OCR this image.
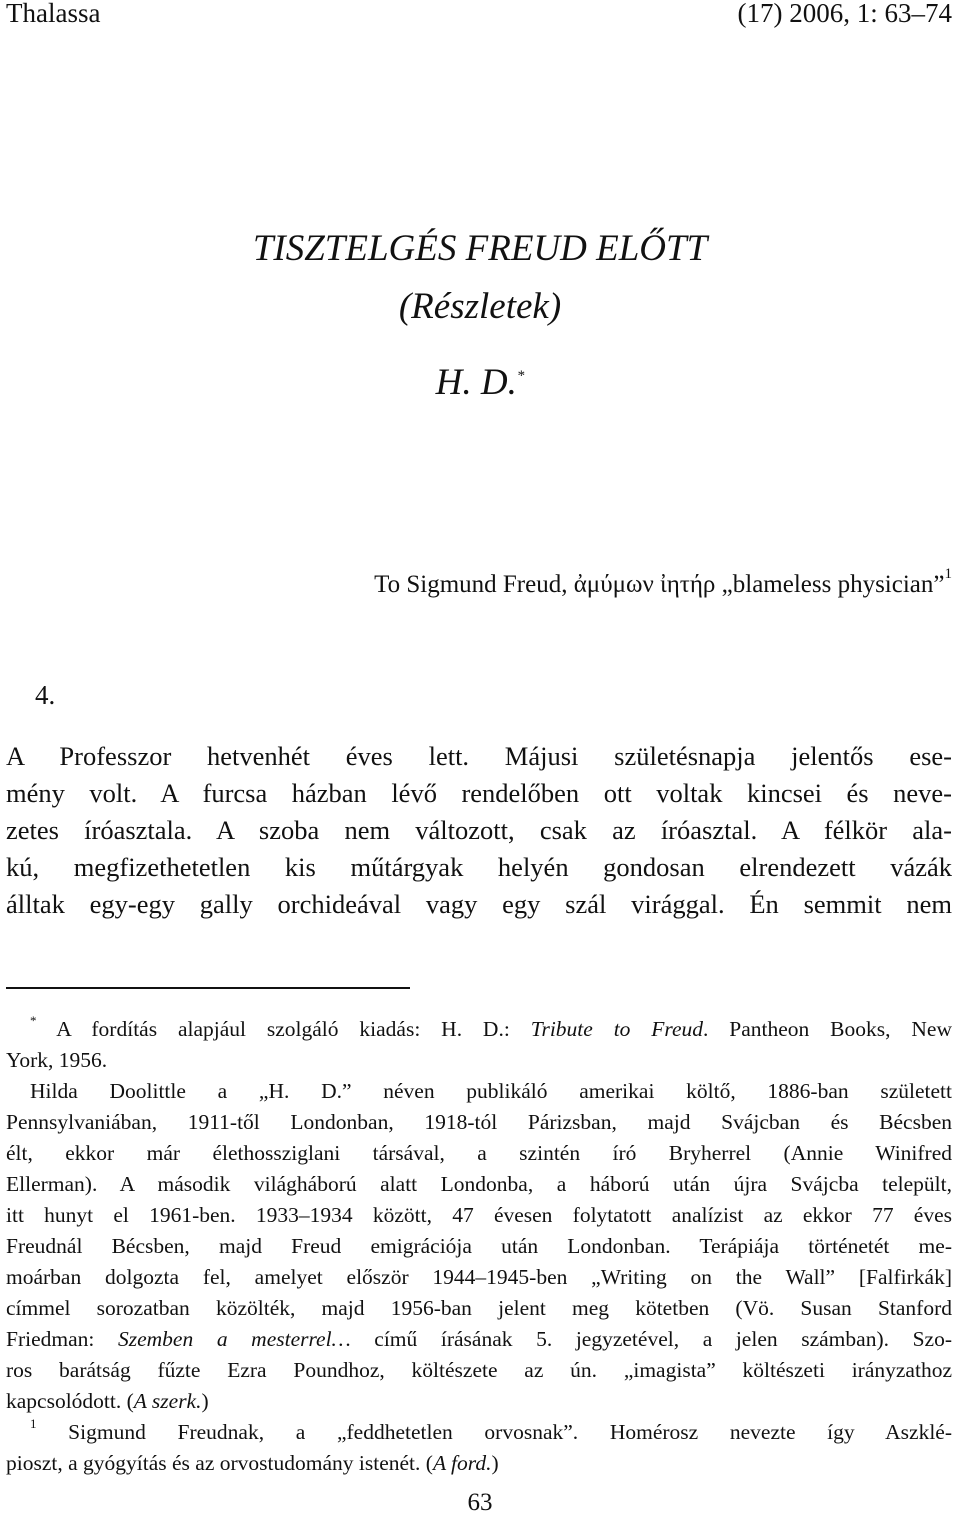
Thalassa	(17) 2006, 1: 63–74
TISZTELGÉS FREUD ELŐTT
(Részletek)
H. D.*
To Sigmund Freud, ἀμύμων ἰητήρ „blameless physician”$^1$
4.
A Professzor hetvenhét éves lett. Májusi születésnapja jelentős ese-
mény volt. A furcsa házban lévő rendelőben ott voltak kincsei és neve-
zetes íróasztala. A szoba nem változott, csak az íróasztal. A félkör ala-
kú, megfizethetetlen kis műtárgyak helyén gondosan elrendezett vázák
álltak egy-egy gally orchideával vagy egy szál virággal. Én semmit nem
* A fordítás alapjául szolgáló kiadás: H. D.: Tribute to Freud. Pantheon Books, New
York, 1956.
Hilda Doolittle a „H. D.” néven publikáló amerikai költő, 1886-ban született
Pennsylvaniában, 1911-től Londonban, 1918-tól Párizsban, majd Svájcban és Bécsben
élt, ekkor már élethossziglani társával, a szintén író Bryherrel (Annie Winifred
Ellerman). A második világháború alatt Londonba, a háború után újra Svájcba települt,
itt hunyt el 1961-ben. 1933–1934 között, 47 évesen folytatott analízist az ekkor 77 éves
Freudnál Bécsben, majd Freud emigrációja után Londonban. Terápiája történetét me-
moárban dolgozta fel, amelyet először 1944–1945-ben „Writing on the Wall” [Falfirkák]
címmel sorozatban közölték, majd 1956-ban jelent meg kötetben (Vö. Susan Stanford
Friedman: Szemben a mesterrel… című írásának 5. jegyzetével, a jelen számban). Szo-
ros barátság fűzte Ezra Poundhoz, költészete az ún. „imagista” költészeti irányzathoz
kapcsolódott. (A szerk.)
$^1$ Sigmund Freudnak, a „feddhetetlen orvosnak”. Homérosz nevezte így Aszklé-
pioszt, a gyógyítás és az orvostudomány istenét. (A ford.)
63
